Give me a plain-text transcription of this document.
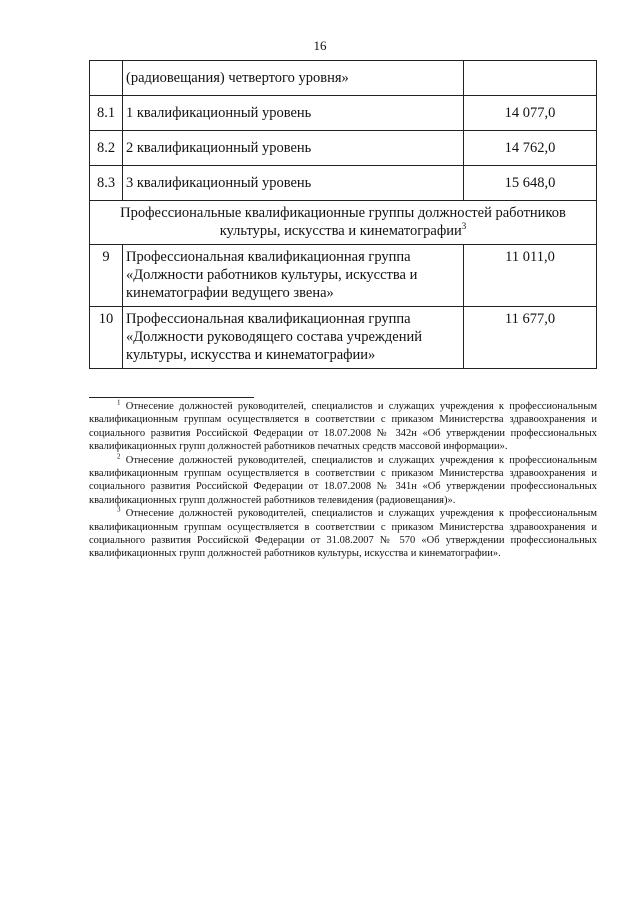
16
	(радиовещания) четвертого уровня»	
8.1	1 квалификационный уровень	14 077,0
8.2	2 квалификационный уровень	14 762,0
8.3	3 квалификационный уровень	15 648,0
Профессиональные квалификационные группы должностей работников культуры, искусства и кинематографии$^3$
9	Профессиональная квалификационная группа «Должности работников культуры, искусства и кинематографии ведущего звена»	11 011,0
10	Профессиональная квалификационная группа «Должности руководящего состава учреждений культуры, искусства и кинематографии»	11 677,0

$^1$ Отнесение должностей руководителей, специалистов и служащих учреждения к профессиональным квалификационным группам осуществляется в соответствии с приказом Министерства здравоохранения и социального развития Российской Федерации от 18.07.2008 № 342н «Об утверждении профессиональных квалификационных групп должностей работников печатных средств массовой информации».

$^2$ Отнесение должностей руководителей, специалистов и служащих учреждения к профессиональным квалификационным группам осуществляется в соответствии с приказом Министерства здравоохранения и социального развития Российской Федерации от 18.07.2008 № 341н «Об утверждении профессиональных квалификационных групп должностей работников телевидения (радиовещания)».

$^3$ Отнесение должностей руководителей, специалистов и служащих учреждения к профессиональным квалификационным группам осуществляется в соответствии с приказом Министерства здравоохранения и социального развития Российской Федерации от 31.08.2007 № 570 «Об утверждении профессиональных квалификационных групп должностей работников культуры, искусства и кинематографии».
